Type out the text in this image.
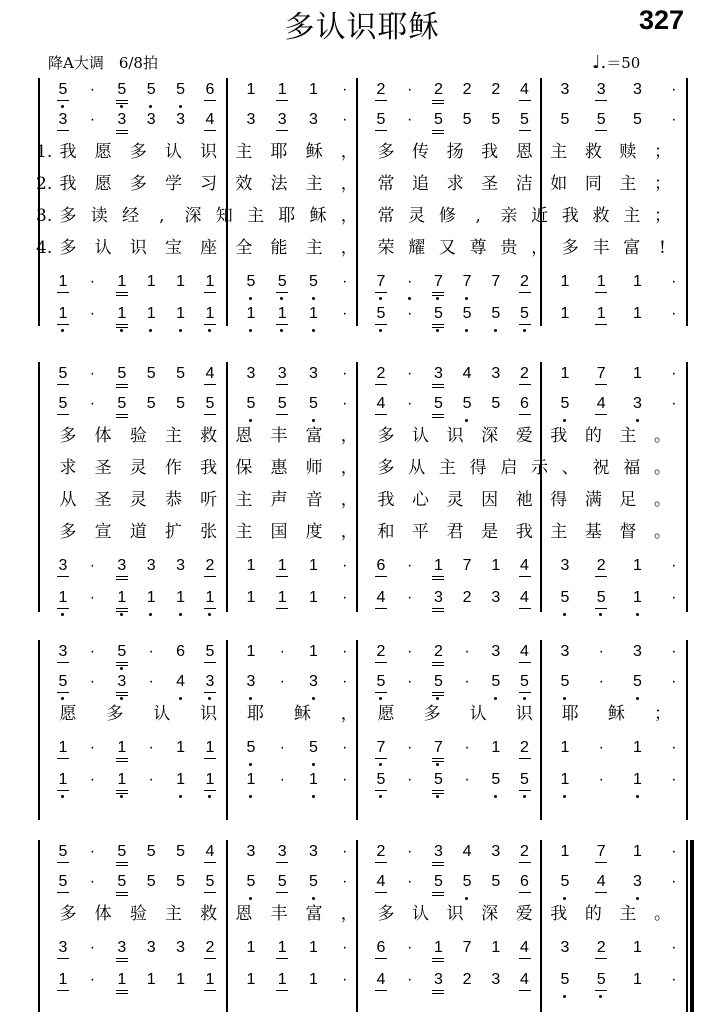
多认识耶稣	327
降A大调　6/8拍	♩.＝50
5 · 5 5 5 6 1 1 1 · 2 · 2 2 2 4 3 3 3 ·
3 · 3 3 3 4 3 3 3 · 5 · 5 5 5 5 5 5 5 ·
1 · 1 1 1 1 5 5 5 · 7 · 7 7 7 2 1 1 1 ·
1 · 1 1 1 1 1 1 1 · 5 · 5 5 5 5 1 1 1 ·
1. 我 愿 多 认 识 主 耶 稣 ， 多 传 扬 我 恩 主 救 赎 ；
2. 我 愿 多 学 习 效 法 主 ， 常 追 求 圣 洁 如 同 主 ；
3. 多 读 经	,	深 知 主 耶 稣 ， 常 灵 修	,	亲 近 我 救 主 ；
4. 多 认 识 宝 座 全 能 主 ， 荣 耀 又 尊 贵 ， 多 丰 富	!
5 · 5 5 5 4 3 3 3 · 2 · 3 4 3 2 1 7 1 ·
5 · 5 5 5 5 5 5 5 · 4 · 5 5 5 6 5 4 3 ·
3 · 3 3 3 2 1 1 1 · 6 · 1 7 1 4 3 2 1 ·
1 · 1 1 1 1 1 1 1 · 4 · 3 2 3 4 5 5 1 ·
多 体 验 主 救 恩 丰 富 ， 多 认 识 深 爱 我 的 主 。
求 圣 灵 作 我 保 惠 师 ， 多 从 主 得 启 示 、 祝 福 。
从 圣 灵 恭 听 主 声 音 ， 我 心 灵 因 祂 得 满 足 。
多 宣 道 扩 张 主 国 度 ， 和 平 君 是 我 主 基 督 。
3 · 5 · 6 5 1 · 1 · 2 · 2 · 3 4 3 · 3 ·
5 · 3 · 4 3 3 · 3 · 5 · 5 · 5 5 5 · 5 ·
1 · 1 · 1 1 5 · 5 · 7 · 7 · 1 2 1 · 1 ·
1 · 1 · 1 1 1 · 1 · 5 · 5 · 5 5 1 · 1 ·
愿 多 认 识 耶 稣 ， 愿 多 认 识 耶 稣 ；
5 · 5 5 5 4 3 3 3 · 2 · 3 4 3 2 1 7 1 ·
5 · 5 5 5 5 5 5 5 · 4 · 5 5 5 6 5 4 3 ·
3 · 3 3 3 2 1 1 1 · 6 · 1 7 1 4 3 2 1 ·
1 · 1 1 1 1 1 1 1 · 4 · 3 2 3 4 5 5 1 ·
多 体 验 主 救 恩 丰 富 ， 多 认 识 深 爱 我 的 主 。
